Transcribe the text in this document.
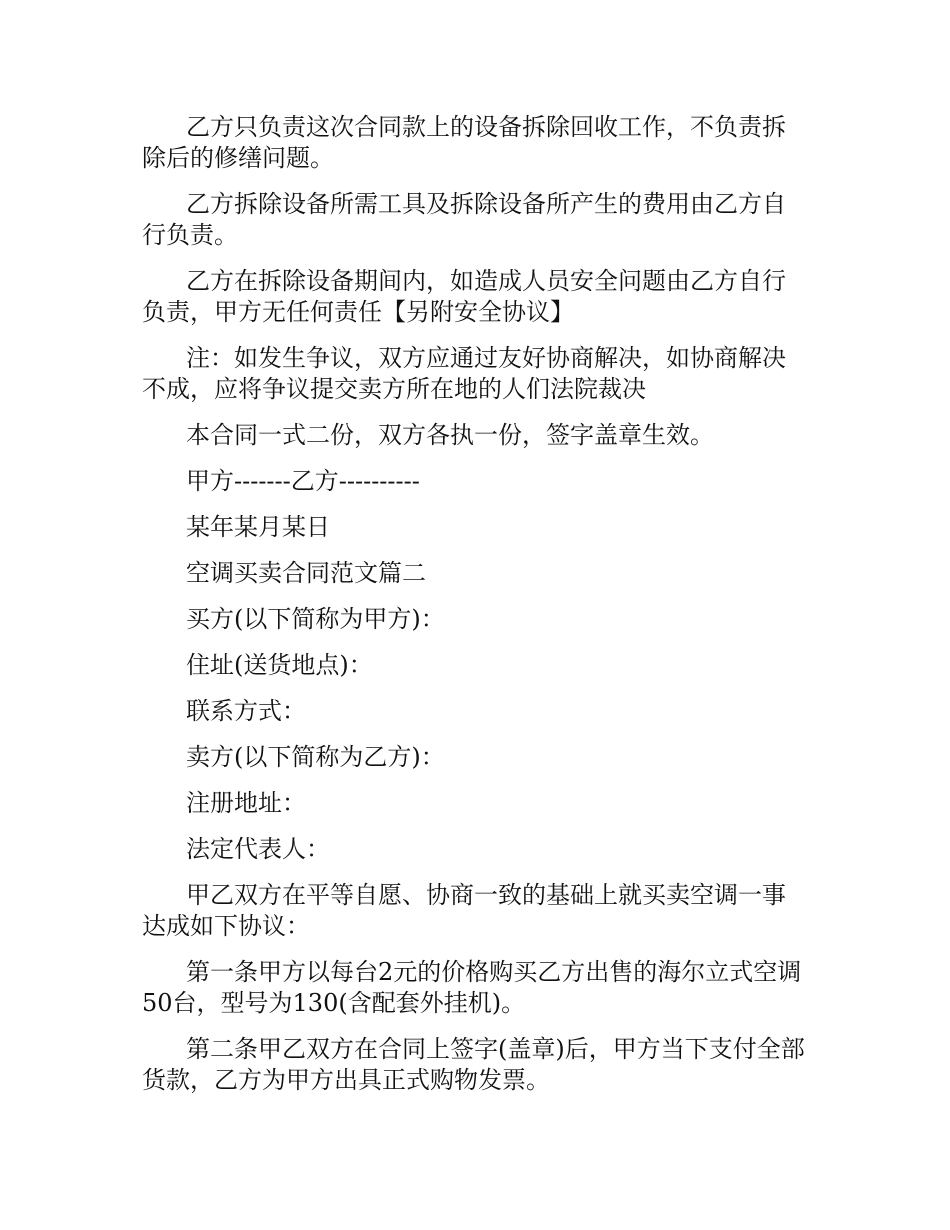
乙方只负责这次合同款上的设备拆除回收工作，不负责拆除后的修缮问题。

乙方拆除设备所需工具及拆除设备所产生的费用由乙方自行负责。

乙方在拆除设备期间内，如造成人员安全问题由乙方自行负责，甲方无任何责任【另附安全协议】

注：如发生争议，双方应通过友好协商解决，如协商解决不成，应将争议提交卖方所在地的人们法院裁决

本合同一式二份，双方各执一份，签字盖章生效。

甲方-------乙方----------

某年某月某日

空调买卖合同范文篇二

买方(以下简称为甲方)：

住址(送货地点)：

联系方式：

卖方(以下简称为乙方)：

注册地址：

法定代表人：

甲乙双方在平等自愿、协商一致的基础上就买卖空调一事达成如下协议：

第一条甲方以每台2元的价格购买乙方出售的海尔立式空调50台，型号为130(含配套外挂机)。

第二条甲乙双方在合同上签字(盖章)后，甲方当下支付全部货款，乙方为甲方出具正式购物发票。
